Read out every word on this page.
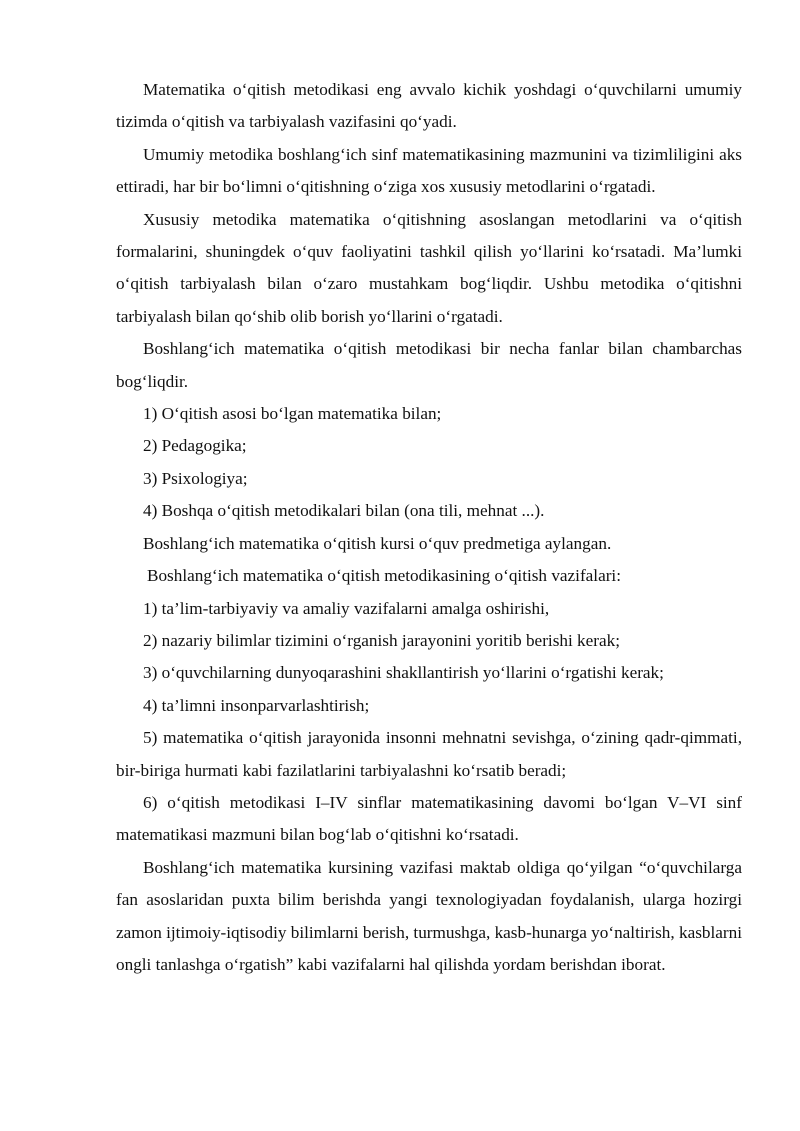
Matematika o‘qitish metodikasi eng avvalo kichik yoshdagi o‘quvchilarni umumiy tizimda o‘qitish va tarbiyalash vazifasini qo‘yadi.

Umumiy metodika boshlang‘ich sinf matematikasining mazmunini va tizimliligini aks ettiradi, har bir bo‘limni o‘qitishning o‘ziga xos xususiy metodlarini o‘rgatadi.

Xususiy metodika matematika o‘qitishning asoslangan metodlarini va o‘qitish formalarini, shuningdek o‘quv faoliyatini tashkil qilish yo‘llarini ko‘rsatadi. Ma’lumki o‘qitish tarbiyalash bilan o‘zaro mustahkam bog‘liqdir. Ushbu metodika o‘qitishni tarbiyalash bilan qo‘shib olib borish yo‘llarini o‘rgatadi.

Boshlang‘ich matematika o‘qitish metodikasi bir necha fanlar bilan chambarchas bog‘liqdir.

1) O‘qitish asosi bo‘lgan matematika bilan;

2) Pedagogika;

3) Psixologiya;

4) Boshqa o‘qitish metodikalari bilan (ona tili, mehnat ...).

Boshlang‘ich matematika o‘qitish kursi o‘quv predmetiga aylangan.

Boshlang‘ich matematika o‘qitish metodikasining o‘qitish vazifalari:

1) ta’lim-tarbiyaviy va amaliy vazifalarni amalga oshirishi,

2) nazariy bilimlar tizimini o‘rganish jarayonini yoritib berishi kerak;

3) o‘quvchilarning dunyoqarashini shakllantirish yo‘llarini o‘rgatishi kerak;

4) ta’limni insonparvarlashtirish;

5) matematika o‘qitish jarayonida insonni mehnatni sevishga, o‘zining qadr-qimmati, bir-biriga hurmati kabi fazilatlarini tarbiyalashni ko‘rsatib beradi;

6) o‘qitish metodikasi I–IV sinflar matematikasining davomi bo‘lgan V–VI sinf matematikasi mazmuni bilan bog‘lab o‘qitishni ko‘rsatadi.

Boshlang‘ich matematika kursining vazifasi maktab oldiga qo‘yilgan “o‘quvchilarga fan asoslaridan puxta bilim berishda yangi texnologiyadan foydalanish, ularga hozirgi zamon ijtimoiy-iqtisodiy bilimlarni berish, turmushga, kasb-hunarga yo‘naltirish, kasblarni ongli tanlashga o‘rgatish” kabi vazifalarni hal qilishda yordam berishdan iborat.
